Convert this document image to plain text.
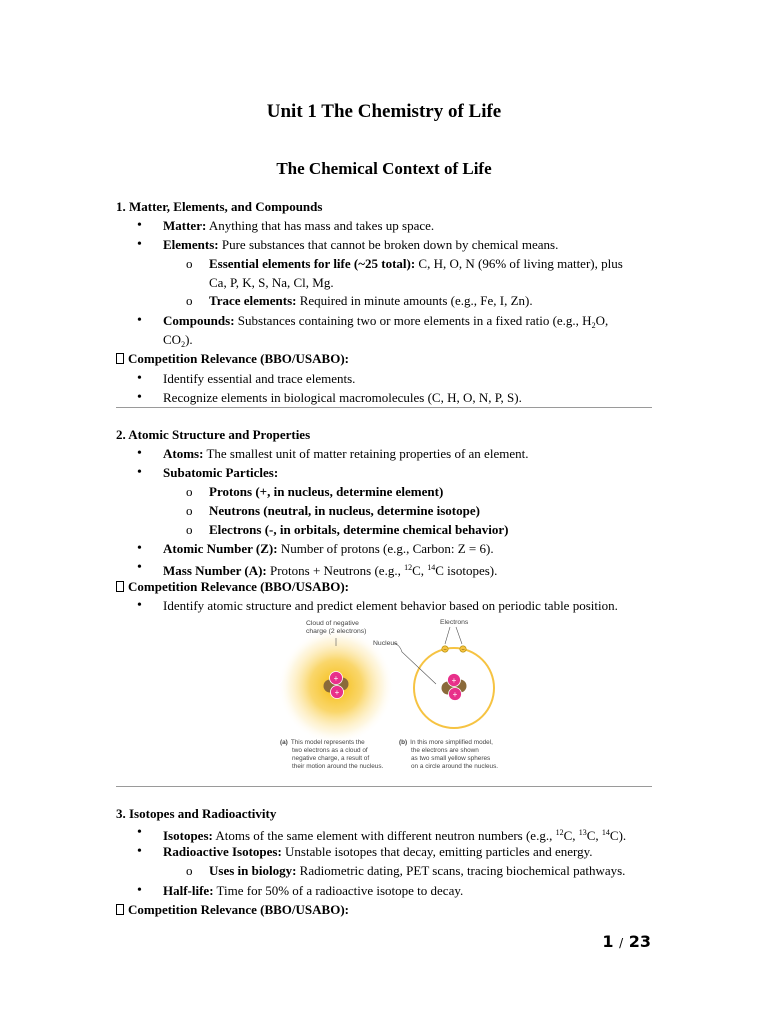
Unit 1 The Chemistry of Life
The Chemical Context of Life
1. Matter, Elements, and Compounds
• Matter: Anything that has mass and takes up space.
• Elements: Pure substances that cannot be broken down by chemical means.
o Essential elements for life (~25 total): C, H, O, N (96% of living matter), plus
Ca, P, K, S, Na, Cl, Mg.
o Trace elements: Required in minute amounts (e.g., Fe, I, Zn).
• Compounds: Substances containing two or more elements in a fixed ratio (e.g., $H_2O$,
$CO_2$).
Competition Relevance (BBO/USABO):
• Identify essential and trace elements.
• Recognize elements in biological macromolecules (C, H, O, N, P, S).
2. Atomic Structure and Properties
• Atoms: The smallest unit of matter retaining properties of an element.
• Subatomic Particles:
o Protons (+, in nucleus, determine element)
o Neutrons (neutral, in nucleus, determine isotope)
o Electrons (-, in orbitals, determine chemical behavior)
• Atomic Number (Z): Number of protons (e.g., Carbon: Z = 6).
• Mass Number (A): Protons + Neutrons (e.g., $^{12}$C, $^{14}$C isotopes).
Competition Relevance (BBO/USABO):
• Identify atomic structure and predict element behavior based on periodic table position.
+
+
Cloud of negative
charge (2 electrons)
− −
+
+
Electrons
Nucleus
(a) This model represents the
two electrons as a cloud of
negative charge, a result of
their motion around the nucleus.
(b) In this more simplified model,
the electrons are shown
as two small yellow spheres
on a circle around the nucleus.
3. Isotopes and Radioactivity
• Isotopes: Atoms of the same element with different neutron numbers (e.g., $^{12}$C, $^{13}$C, $^{14}$C).
• Radioactive Isotopes: Unstable isotopes that decay, emitting particles and energy.
o Uses in biology: Radiometric dating, PET scans, tracing biochemical pathways.
• Half-life: Time for 50% of a radioactive isotope to decay.
Competition Relevance (BBO/USABO):
1 / 23
